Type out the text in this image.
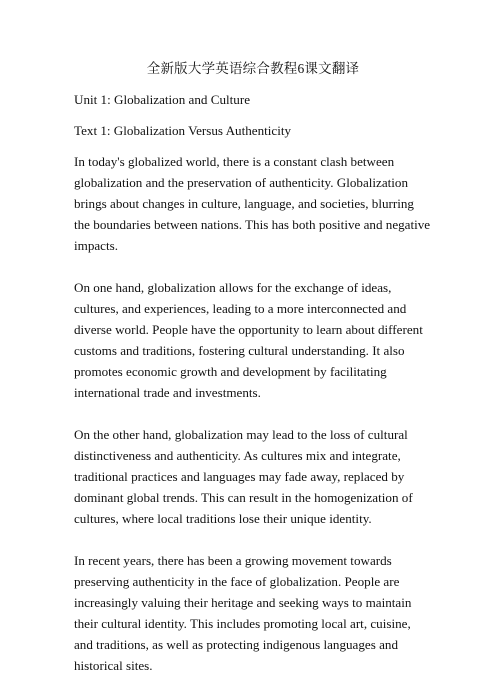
全新版大学英语综合教程6课文翻译
Unit 1: Globalization and Culture
Text 1: Globalization Versus Authenticity

In today's globalized world, there is a constant clash between globalization and the preservation of authenticity. Globalization brings about changes in culture, language, and societies, blurring the boundaries between nations. This has both positive and negative impacts.

On one hand, globalization allows for the exchange of ideas, cultures, and experiences, leading to a more interconnected and diverse world. People have the opportunity to learn about different customs and traditions, fostering cultural understanding. It also promotes economic growth and development by facilitating international trade and investments.

On the other hand, globalization may lead to the loss of cultural distinctiveness and authenticity. As cultures mix and integrate, traditional practices and languages may fade away, replaced by dominant global trends. This can result in the homogenization of cultures, where local traditions lose their unique identity.

In recent years, there has been a growing movement towards preserving authenticity in the face of globalization. People are increasingly valuing their heritage and seeking ways to maintain their cultural identity. This includes promoting local art, cuisine, and traditions, as well as protecting indigenous languages and historical sites.
